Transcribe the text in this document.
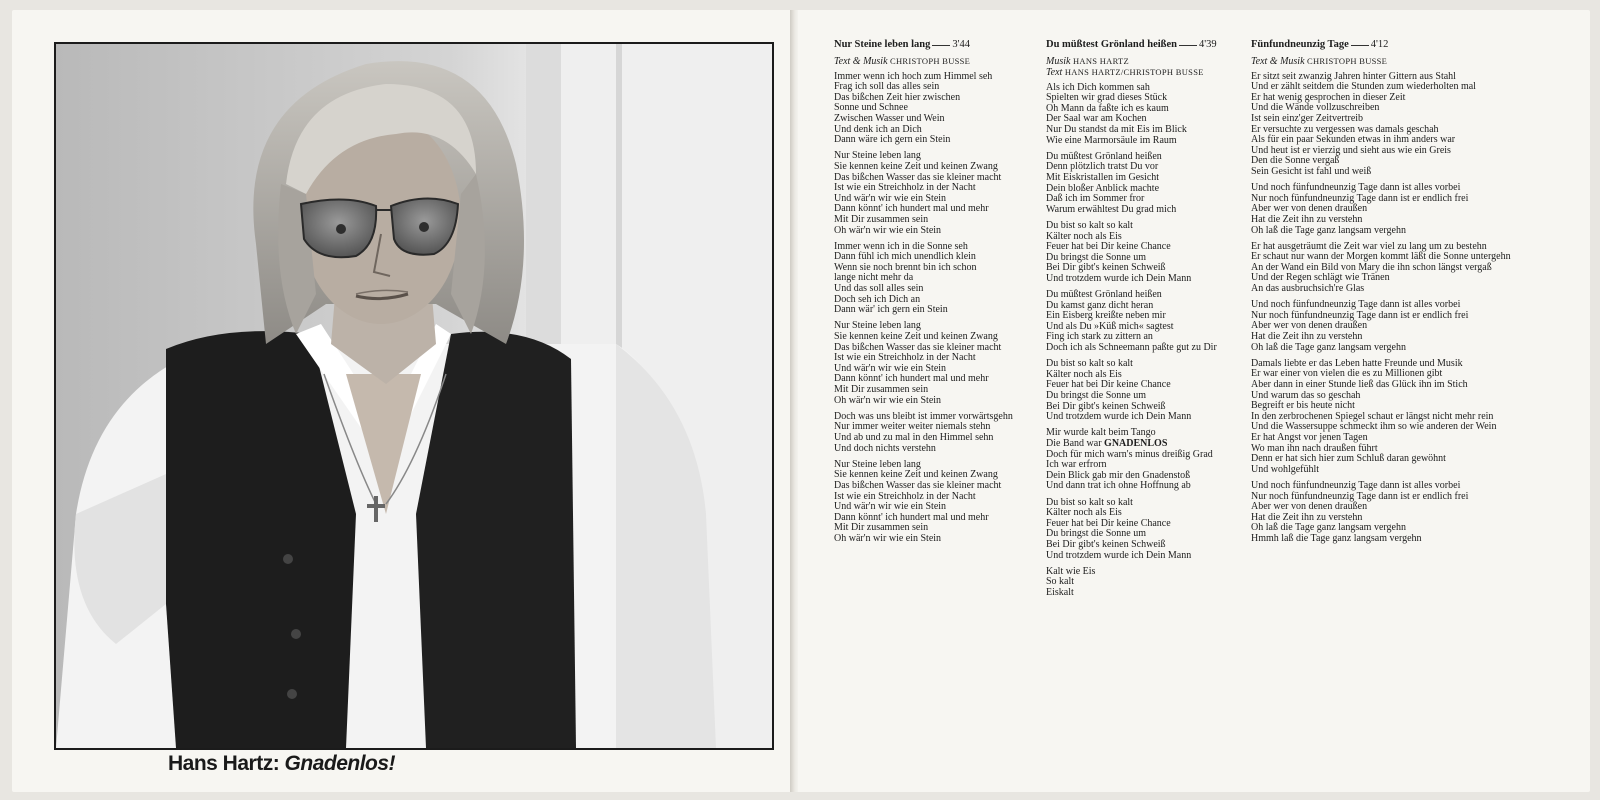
Hans Hartz: Gnadenlos!
Nur Steine leben lang 3'44
Text & Musik CHRISTOPH BUSSE
Immer wenn ich hoch zum Himmel seh
Frag ich soll das alles sein
Das bißchen Zeit hier zwischen
Sonne und Schnee
Zwischen Wasser und Wein
Und denk ich an Dich
Dann wäre ich gern ein Stein
Nur Steine leben lang
Sie kennen keine Zeit und keinen Zwang
Das bißchen Wasser das sie kleiner macht
Ist wie ein Streichholz in der Nacht
Und wär'n wir wie ein Stein
Dann könnt' ich hundert mal und mehr
Mit Dir zusammen sein
Oh wär'n wir wie ein Stein
Immer wenn ich in die Sonne seh
Dann fühl ich mich unendlich klein
Wenn sie noch brennt bin ich schon
lange nicht mehr da
Und das soll alles sein
Doch seh ich Dich an
Dann wär' ich gern ein Stein
Nur Steine leben lang
Sie kennen keine Zeit und keinen Zwang
Das bißchen Wasser das sie kleiner macht
Ist wie ein Streichholz in der Nacht
Und wär'n wir wie ein Stein
Dann könnt' ich hundert mal und mehr
Mit Dir zusammen sein
Oh wär'n wir wie ein Stein
Doch was uns bleibt ist immer vorwärtsgehn
Nur immer weiter weiter niemals stehn
Und ab und zu mal in den Himmel sehn
Und doch nichts verstehn
Nur Steine leben lang
Sie kennen keine Zeit und keinen Zwang
Das bißchen Wasser das sie kleiner macht
Ist wie ein Streichholz in der Nacht
Und wär'n wir wie ein Stein
Dann könnt' ich hundert mal und mehr
Mit Dir zusammen sein
Oh wär'n wir wie ein Stein
Du müßtest Grönland heißen 4'39
Musik HANS HARTZ
Text HANS HARTZ/CHRISTOPH BUSSE
Als ich Dich kommen sah
Spielten wir grad dieses Stück
Oh Mann da faßte ich es kaum
Der Saal war am Kochen
Nur Du standst da mit Eis im Blick
Wie eine Marmorsäule im Raum
Du müßtest Grönland heißen
Denn plötzlich tratst Du vor
Mit Eiskristallen im Gesicht
Dein bloßer Anblick machte
Daß ich im Sommer fror
Warum erwähltest Du grad mich
Du bist so kalt so kalt
Kälter noch als Eis
Feuer hat bei Dir keine Chance
Du bringst die Sonne um
Bei Dir gibt's keinen Schweiß
Und trotzdem wurde ich Dein Mann
Du müßtest Grönland heißen
Du kamst ganz dicht heran
Ein Eisberg kreißte neben mir
Und als Du »Küß mich« sagtest
Fing ich stark zu zittern an
Doch ich als Schneemann paßte gut zu Dir
Du bist so kalt so kalt
Kälter noch als Eis
Feuer hat bei Dir keine Chance
Du bringst die Sonne um
Bei Dir gibt's keinen Schweiß
Und trotzdem wurde ich Dein Mann
Mir wurde kalt beim Tango
Die Band war GNADENLOS
Doch für mich warn's minus dreißig Grad
Ich war erfrorn
Dein Blick gab mir den Gnadenstoß
Und dann trat ich ohne Hoffnung ab
Du bist so kalt so kalt
Kälter noch als Eis
Feuer hat bei Dir keine Chance
Du bringst die Sonne um
Bei Dir gibt's keinen Schweiß
Und trotzdem wurde ich Dein Mann
Kalt wie Eis
So kalt
Eiskalt
Fünfundneunzig Tage 4'12
Text & Musik CHRISTOPH BUSSE
Er sitzt seit zwanzig Jahren hinter Gittern aus Stahl
Und er zählt seitdem die Stunden zum wiederholten mal
Er hat wenig gesprochen in dieser Zeit
Und die Wände vollzuschreiben
Ist sein einz'ger Zeitvertreib
Er versuchte zu vergessen was damals geschah
Als für ein paar Sekunden etwas in ihm anders war
Und heut ist er vierzig und sieht aus wie ein Greis
Den die Sonne vergaß
Sein Gesicht ist fahl und weiß
Und noch fünfundneunzig Tage dann ist alles vorbei
Nur noch fünfundneunzig Tage dann ist er endlich frei
Aber wer von denen draußen
Hat die Zeit ihn zu verstehn
Oh laß die Tage ganz langsam vergehn
Er hat ausgeträumt die Zeit war viel zu lang um zu bestehn
Er schaut nur wann der Morgen kommt läßt die Sonne untergehn
An der Wand ein Bild von Mary die ihn schon längst vergaß
Und der Regen schlägt wie Tränen
An das ausbruchsich're Glas
Und noch fünfundneunzig Tage dann ist alles vorbei
Nur noch fünfundneunzig Tage dann ist er endlich frei
Aber wer von denen draußen
Hat die Zeit ihn zu verstehn
Oh laß die Tage ganz langsam vergehn
Damals liebte er das Leben hatte Freunde und Musik
Er war einer von vielen die es zu Millionen gibt
Aber dann in einer Stunde ließ das Glück ihn im Stich
Und warum das so geschah
Begreift er bis heute nicht
In den zerbrochenen Spiegel schaut er längst nicht mehr rein
Und die Wassersuppe schmeckt ihm so wie anderen der Wein
Er hat Angst vor jenen Tagen
Wo man ihn nach draußen führt
Denn er hat sich hier zum Schluß daran gewöhnt
Und wohlgefühlt
Und noch fünfundneunzig Tage dann ist alles vorbei
Nur noch fünfundneunzig Tage dann ist er endlich frei
Aber wer von denen draußen
Hat die Zeit ihn zu verstehn
Oh laß die Tage ganz langsam vergehn
Hmmh laß die Tage ganz langsam vergehn
